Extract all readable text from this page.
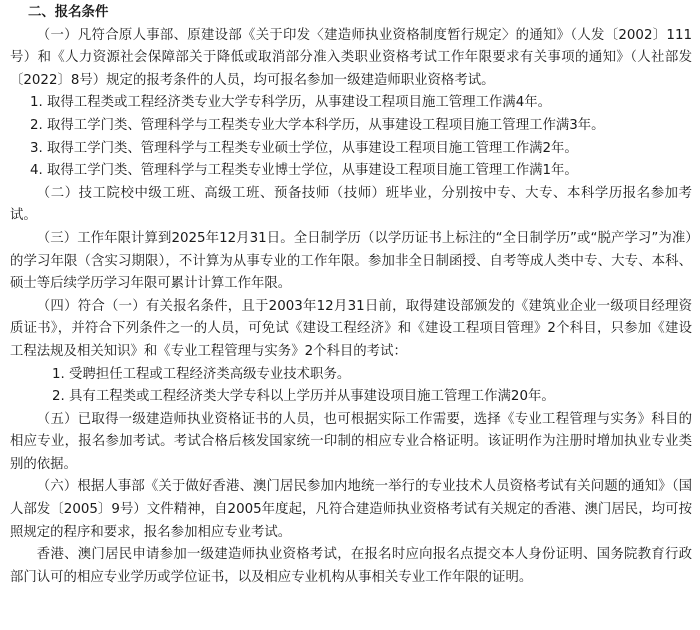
二、报名条件
（一）凡符合原人事部、原建设部《关于印发〈建造师执业资格制度暂行规定〉的通知》（人发〔2002〕111号）和《人力资源社会保障部关于降低或取消部分准入类职业资格考试工作年限要求有关事项的通知》（人社部发〔2022〕8号）规定的报考条件的人员，均可报名参加一级建造师职业资格考试。
1. 取得工程类或工程经济类专业大学专科学历，从事建设工程项目施工管理工作满4年。
2. 取得工学门类、管理科学与工程类专业大学本科学历，从事建设工程项目施工管理工作满3年。
3. 取得工学门类、管理科学与工程类专业硕士学位，从事建设工程项目施工管理工作满2年。
4. 取得工学门类、管理科学与工程类专业博士学位，从事建设工程项目施工管理工作满1年。
（二）技工院校中级工班、高级工班、预备技师（技师）班毕业，分别按中专、大专、本科学历报名参加考试。
（三）工作年限计算到2025年12月31日。全日制学历（以学历证书上标注的“全日制学历”或“脱产学习”为准）的学习年限（含实习期限），不计算为从事专业的工作年限。参加非全日制函授、自考等成人类中专、大专、本科、硕士等后续学历学习年限可累计计算工作年限。
（四）符合（一）有关报名条件，且于2003年12月31日前，取得建设部颁发的《建筑业企业一级项目经理资质证书》，并符合下列条件之一的人员，可免试《建设工程经济》和《建设工程项目管理》2个科目，只参加《建设工程法规及相关知识》和《专业工程管理与实务》2个科目的考试：
1. 受聘担任工程或工程经济类高级专业技术职务。
2. 具有工程类或工程经济类大学专科以上学历并从事建设项目施工管理工作满20年。
（五）已取得一级建造师执业资格证书的人员，也可根据实际工作需要，选择《专业工程管理与实务》科目的相应专业，报名参加考试。考试合格后核发国家统一印制的相应专业合格证明。该证明作为注册时增加执业专业类别的依据。
（六）根据人事部《关于做好香港、澳门居民参加内地统一举行的专业技术人员资格考试有关问题的通知》（国人部发〔2005〕9号）文件精神，自2005年度起，凡符合建造师执业资格考试有关规定的香港、澳门居民，均可按照规定的程序和要求，报名参加相应专业考试。
香港、澳门居民申请参加一级建造师执业资格考试，在报名时应向报名点提交本人身份证明、国务院教育行政部门认可的相应专业学历或学位证书，以及相应专业机构从事相关专业工作年限的证明。
